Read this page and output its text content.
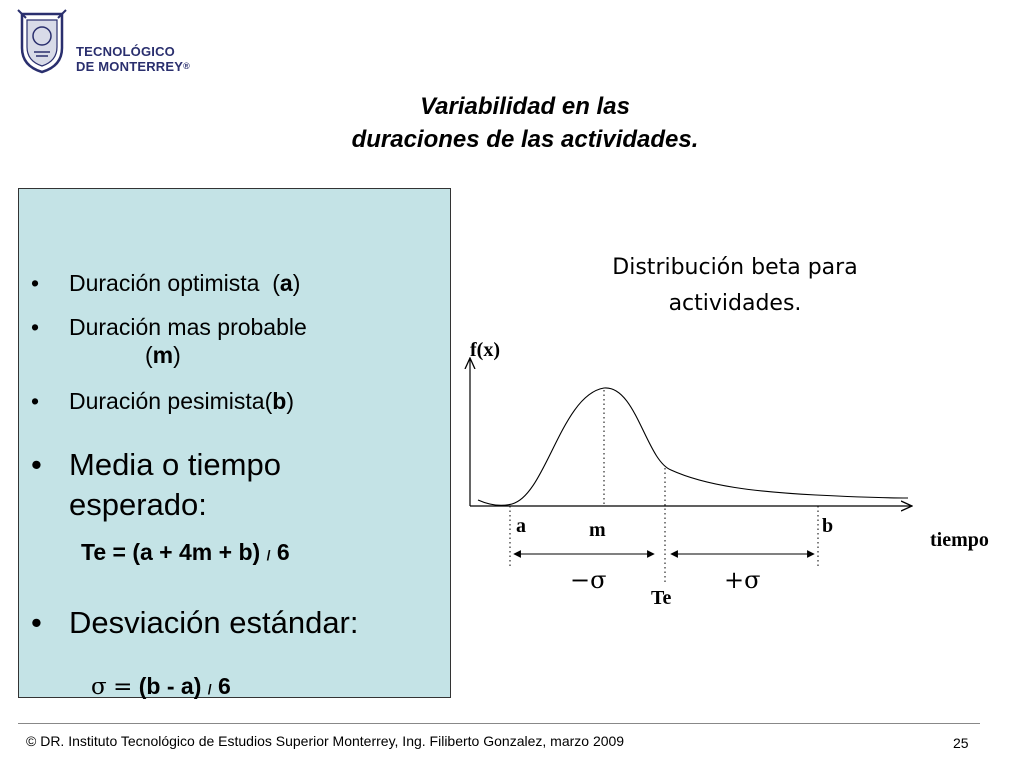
TECNOLÓGICO
DE MONTERREY®
Variabilidad en las
duraciones de las actividades.
• Duración optimista (a)
• Duración mas probable
(m)
• Duración pesimista(b)
• Media o tiempo
esperado:
Te = (a + 4m + b) / 6
• Desviación estándar:
σ = (b - a) / 6
Distribución beta para
actividades.
f(x)
tiempo
a	m	b
Te
−σ	+σ
© DR. Instituto Tecnológico de Estudios Superior Monterrey, Ing. Filiberto Gonzalez, marzo 2009	25
